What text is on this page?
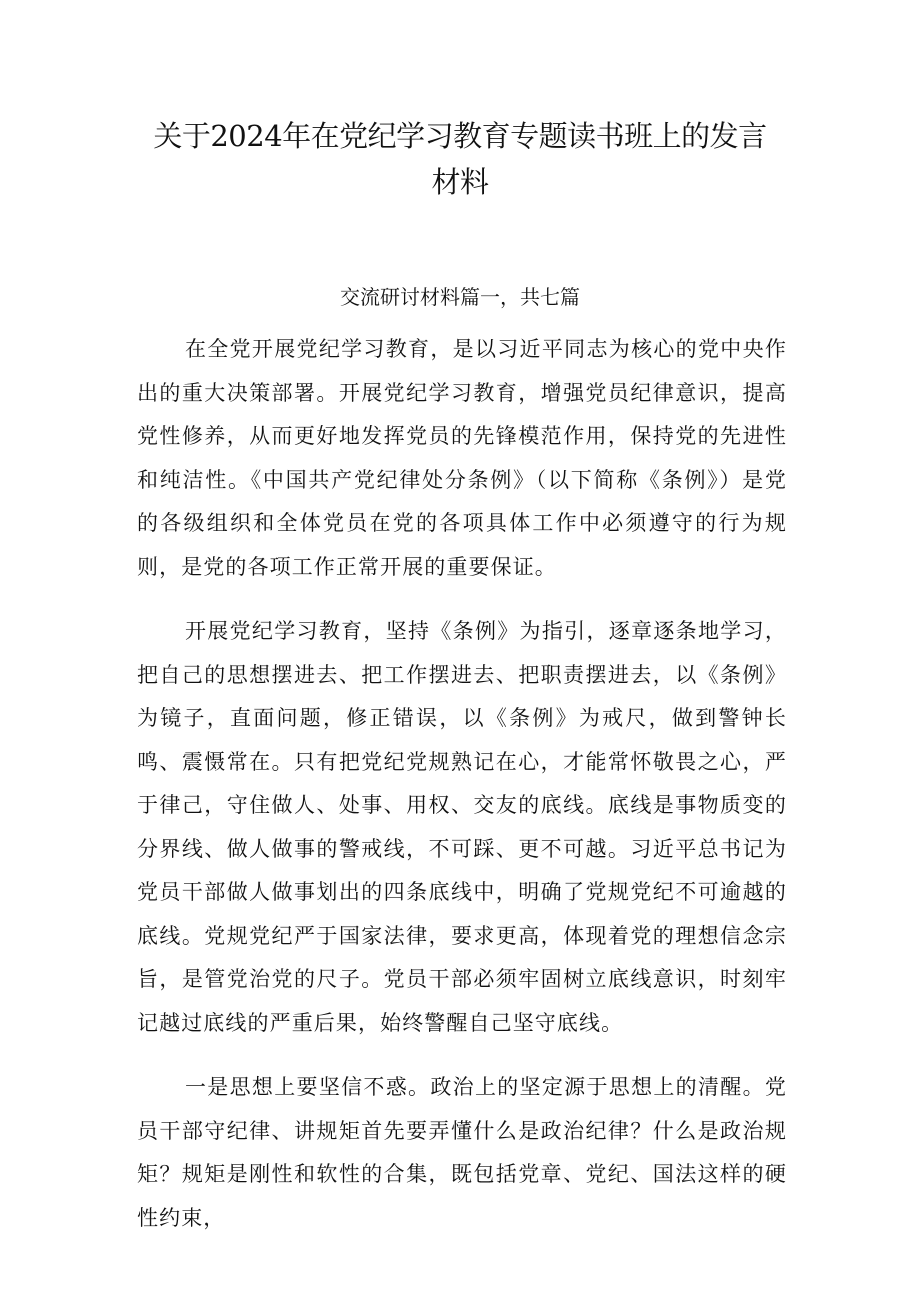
关于2024年在党纪学习教育专题读书班上的发言材料

交流研讨材料篇一，共七篇

在全党开展党纪学习教育，是以习近平同志为核心的党中央作出的重大决策部署。开展党纪学习教育，增强党员纪律意识，提高党性修养，从而更好地发挥党员的先锋模范作用，保持党的先进性和纯洁性。《中国共产党纪律处分条例》（以下简称《条例》）是党的各级组织和全体党员在党的各项具体工作中必须遵守的行为规则，是党的各项工作正常开展的重要保证。

开展党纪学习教育，坚持《条例》为指引，逐章逐条地学习，把自己的思想摆进去、把工作摆进去、把职责摆进去，以《条例》为镜子，直面问题，修正错误，以《条例》为戒尺，做到警钟长鸣、震慑常在。只有把党纪党规熟记在心，才能常怀敬畏之心，严于律己，守住做人、处事、用权、交友的底线。底线是事物质变的分界线、做人做事的警戒线，不可踩、更不可越。习近平总书记为党员干部做人做事划出的四条底线中，明确了党规党纪不可逾越的底线。党规党纪严于国家法律，要求更高，体现着党的理想信念宗旨，是管党治党的尺子。党员干部必须牢固树立底线意识，时刻牢记越过底线的严重后果，始终警醒自己坚守底线。

一是思想上要坚信不惑。政治上的坚定源于思想上的清醒。党员干部守纪律、讲规矩首先要弄懂什么是政治纪律？什么是政治规矩？规矩是刚性和软性的合集，既包括党章、党纪、国法这样的硬性约束，
